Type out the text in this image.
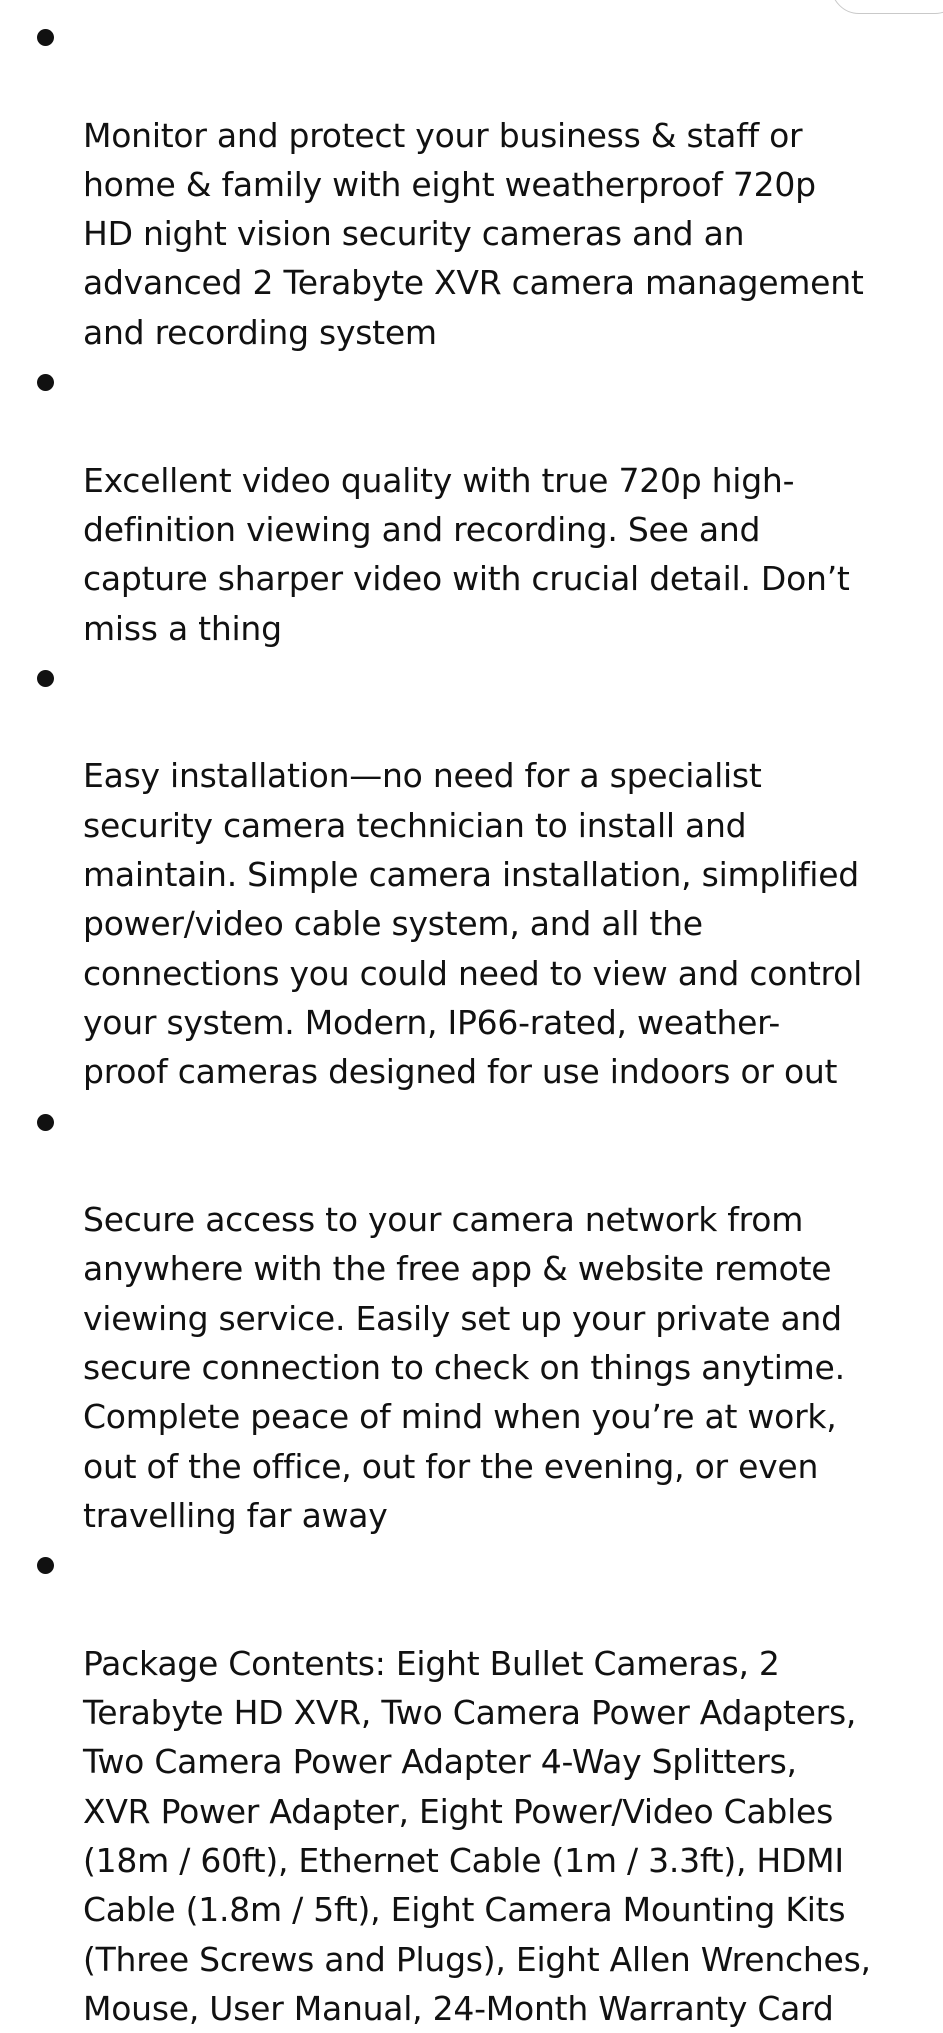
Monitor and protect your business & staff or
home & family with eight weatherproof 720p
HD night vision security cameras and an
advanced 2 Terabyte XVR camera management
and recording system

Excellent video quality with true 720p high-
definition viewing and recording. See and
capture sharper video with crucial detail. Don’t
miss a thing

Easy installation—no need for a specialist
security camera technician to install and
maintain. Simple camera installation, simplified
power/video cable system, and all the
connections you could need to view and control
your system. Modern, IP66-rated, weather-
proof cameras designed for use indoors or out

Secure access to your camera network from
anywhere with the free app & website remote
viewing service. Easily set up your private and
secure connection to check on things anytime.
Complete peace of mind when you’re at work,
out of the office, out for the evening, or even
travelling far away

Package Contents: Eight Bullet Cameras, 2
Terabyte HD XVR, Two Camera Power Adapters,
Two Camera Power Adapter 4-Way Splitters,
XVR Power Adapter, Eight Power/Video Cables
(18m / 60ft), Ethernet Cable (1m / 3.3ft), HDMI
Cable (1.8m / 5ft), Eight Camera Mounting Kits
(Three Screws and Plugs), Eight Allen Wrenches,
Mouse, User Manual, 24-Month Warranty Card
